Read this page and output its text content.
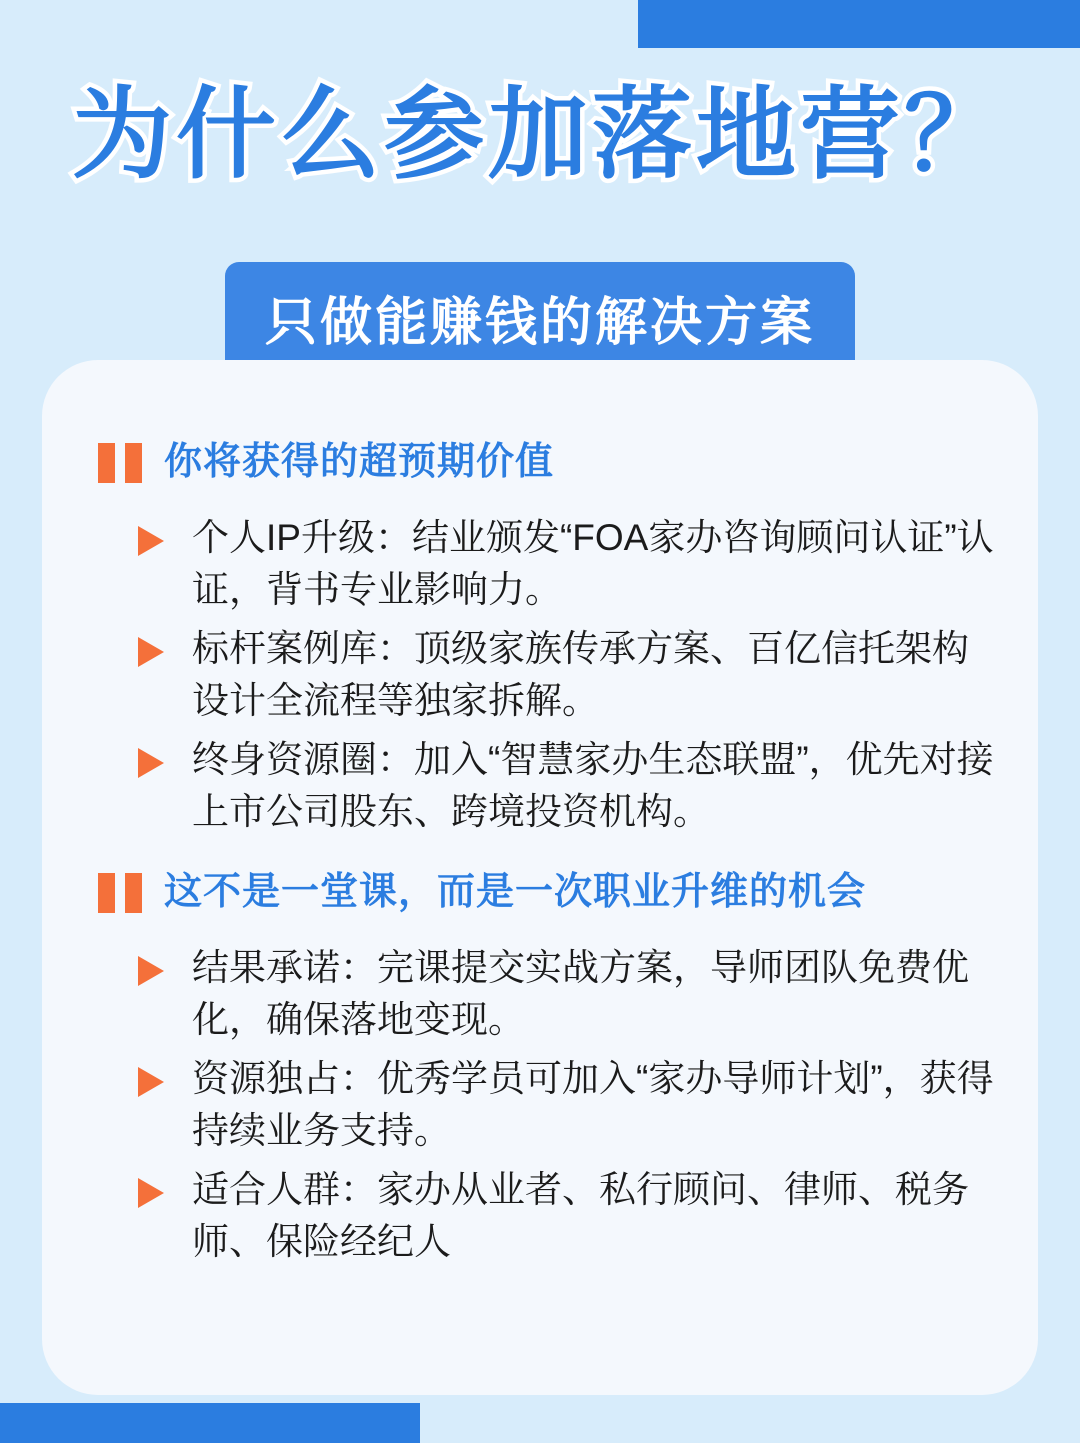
为什么参加落地营？
只做能赚钱的解决方案
你将获得的超预期价值
个人IP升级：结业颁发“FOA家办咨询顾问认证”认证，背书专业影响力。
标杆案例库：顶级家族传承方案、百亿信托架构设计全流程等独家拆解。
终身资源圈：加入“智慧家办生态联盟”，优先对接上市公司股东、跨境投资机构。
这不是一堂课，而是一次职业升维的机会
结果承诺：完课提交实战方案，导师团队免费优化，确保落地变现。
资源独占：优秀学员可加入“家办导师计划”，获得持续业务支持。
适合人群：家办从业者、私行顾问、律师、税务师、保险经纪人
